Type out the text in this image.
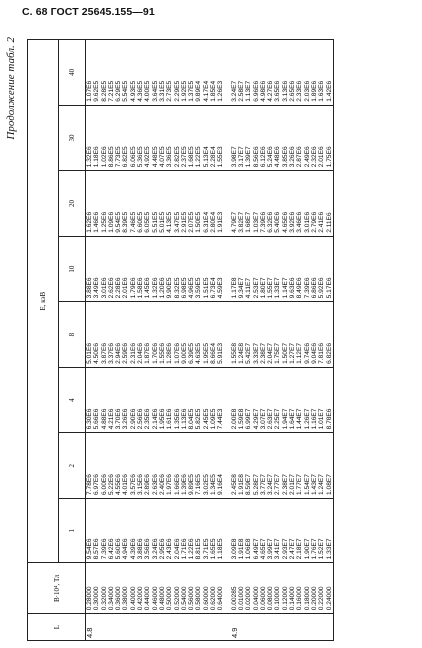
С. 68 ГОСТ 25645.155—91
Продолжение табл. 2
L	B·10⁴, Тл	E, кэВ							
		1	2	4	8	10	20	30	40
4.8	0.28000	9.54E6	7.78E6	6.30E6	5.01E6	3.88E6	1.62E6	1.32E6	1.07E6
	0.30000	8.57E6	6.97E6	5.66E6	4.50E6	3.49E6	1.46E6	1.18E6	9.62E5
	0.32000	7.39E6	6.00E6	4.88E6	3.87E6	3.01E6	1.25E6	1.02E6	8.28E5
	0.34000	6.42E6	5.22E6	4.21E6	3.37E6	2.62E6	1.09E6	8.86E5	7.21E5
	0.36000	5.60E6	4.55E6	3.70E6	2.94E6	2.28E6	9.54E5	7.73E5	6.29E5
	0.38000	4.94E6	4.01E6	3.26E6	2.59E6	2.01E6	8.39E5	6.82E5	5.54E5
	0.40000	4.39E6	3.57E6	2.90E6	2.31E6	1.79E6	7.46E5	6.06E5	4.93E5
	0.42000	3.88E6	3.15E6	2.56E6	2.04E6	1.58E6	6.60E5	5.36E5	4.36E5
	0.44000	3.56E6	2.89E6	2.35E6	1.87E6	1.45E6	6.05E5	4.92E5	4.00E5
	0.46000	3.24E6	2.63E6	2.14E6	1.70E6	1.32E6	5.51E5	4.48E5	3.64E5
	0.48000	2.95E6	2.40E6	1.95E6	1.55E6	1.20E6	5.01E5	4.07E5	3.31E5
	0.50000	2.43E6	1.97E6	1.61E6	1.28E6	9.90E5	4.13E5	3.36E5	2.73E5
	0.52000	2.04E6	1.66E6	1.35E6	1.07E6	8.32E5	3.47E5	2.82E5	2.29E5
	0.54000	1.71E6	1.39E6	1.13E6	9.00E5	6.98E5	2.91E5	2.37E5	1.92E5
	0.56000	1.22E6	9.89E5	8.04E5	6.39E5	4.96E5	2.07E5	1.68E5	1.37E5
	0.58000	8.81E5	7.16E5	5.82E5	4.63E5	3.59E5	1.50E5	1.22E5	9.89E4
	0.60000	3.71E5	3.02E5	2.45E5	1.95E5	1.51E5	6.31E4	5.13E4	4.17E4
	0.62000	1.65E5	1.34E5	1.09E5	8.66E4	6.73E4	2.80E4	2.28E4	1.85E4
	0.64000	1.18E5	9.16E4	7.44E3	5.91E3	4.59E3	1.91E3	1.55E3	1.26E3

4.9	0.00285	3.09E8	2.45E8	2.00E8	1.55E8	1.17E8	4.79E7	3.98E7	3.24E7
	0.01000	1.91E8	1.91E8	1.59E8	1.24E8	9.34E7	3.82E7	3.17E7	2.58E7
	0.02000	1.06E8	8.59E7	6.99E7	5.42E7	4.11E7	1.68E7	1.39E7	1.13E7
	0.04000	6.49E7	5.28E7	4.29E7	3.33E7	2.53E7	1.03E7	8.56E6	6.96E6
	0.06000	4.65E7	3.77E7	3.07E7	2.38E7	1.80E7	7.39E6	6.12E6	4.98E6
	0.08000	3.99E7	3.24E7	2.63E7	2.04E7	1.55E7	6.32E6	5.24E6	4.27E6
	0.10000	3.41E7	2.77E7	2.25E7	1.75E7	1.33E7	5.40E6	4.48E6	3.65E6
	0.12000	2.93E7	2.38E7	1.94E7	1.50E7	1.14E7	4.65E6	3.85E6	3.13E6
	0.14000	2.47E7	2.01E7	1.64E7	1.27E7	9.63E6	3.92E6	3.26E6	2.65E6
	0.16000	2.18E7	1.77E7	1.44E7	1.12E7	8.49E6	3.46E6	2.87E6	2.33E6
	0.18000	1.90E7	1.54E7	1.26E7	9.74E6	7.39E6	3.01E6	2.49E6	2.03E6
	0.20000	1.76E7	1.43E7	1.16E7	9.04E6	6.86E6	2.79E6	2.32E6	1.89E6
	0.22000	1.52E7	1.24E7	1.01E7	7.81E6	5.92E6	2.41E6	2.01E6	1.63E6
	0.24000	1.33E7	1.08E7	8.78E6	6.82E6	5.17E6	2.11E6	1.75E6	1.42E6
